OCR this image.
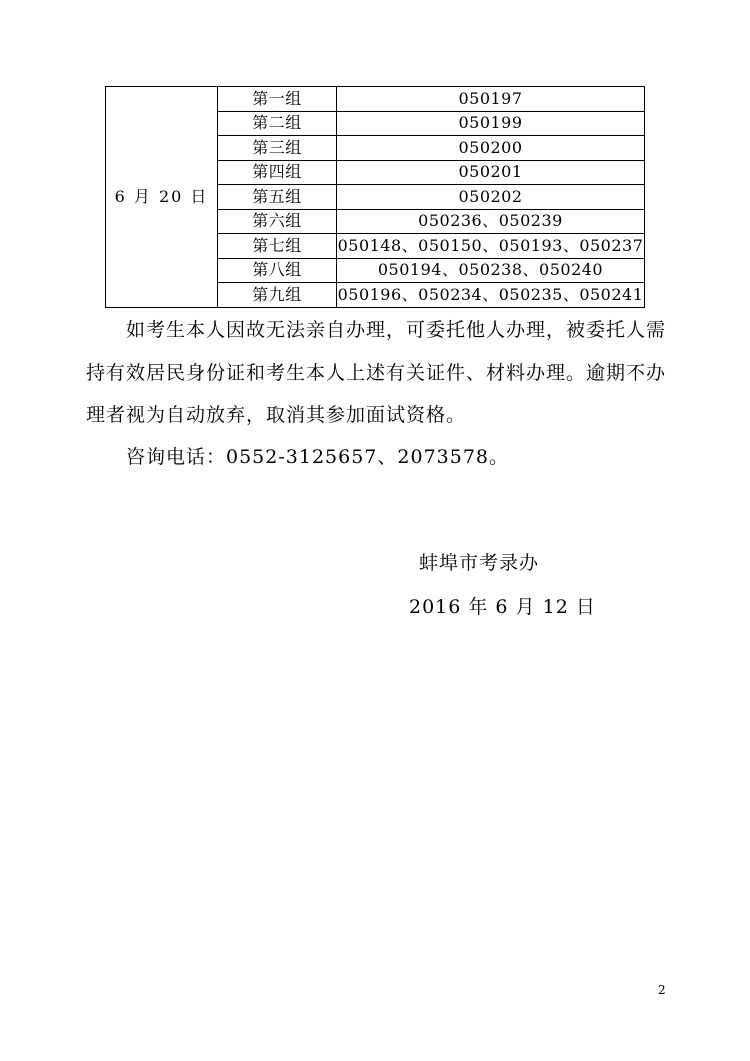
6 月 20 日	第一组	050197
	第二组	050199
	第三组	050200
	第四组	050201
	第五组	050202
	第六组	050236、050239
	第七组	050148、050150、050193、050237
	第八组	050194、050238、050240
	第九组	050196、050234、050235、050241

如考生本人因故无法亲自办理，可委托他人办理，被委托人需持有效居民身份证和考生本人上述有关证件、材料办理。逾期不办理者视为自动放弃，取消其参加面试资格。

咨询电话：0552-3125657、2073578。

蚌埠市考录办

2016 年 6 月 12 日

2
